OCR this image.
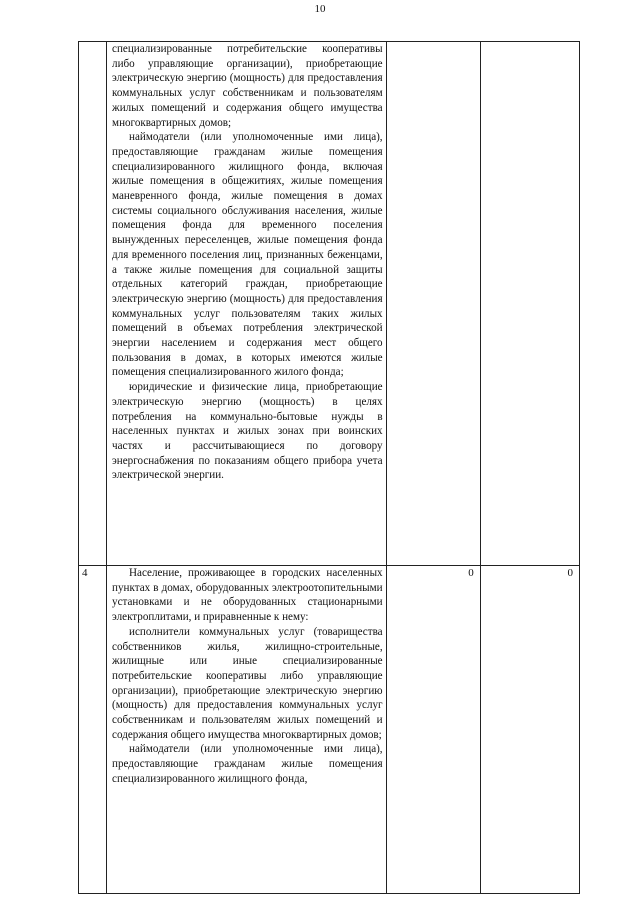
10

	специализированные потребительские кооперативы либо управляющие организации), приобретающие электрическую энергию (мощность) для предоставления коммунальных услуг собственникам и пользователям жилых помещений и содержания общего имущества многоквартирных домов;

наймодатели (или уполномоченные ими лица), предоставляющие гражданам жилые помещения специализированного жилищного фонда, включая жилые помещения в общежитиях, жилые помещения маневренного фонда, жилые помещения в домах системы социального обслуживания населения, жилые помещения фонда для временного поселения вынужденных переселенцев, жилые помещения фонда для временного поселения лиц, признанных беженцами, а также жилые помещения для социальной защиты отдельных категорий граждан, приобретающие электрическую энергию (мощность) для предоставления коммунальных услуг пользователям таких жилых помещений в объемах потребления электрической энергии населением и содержания мест общего пользования в домах, в которых имеются жилые помещения специализированного жилого фонда;

юридические и физические лица, приобретающие электрическую энергию (мощность) в целях потребления на коммунально-бытовые нужды в населенных пунктах и жилых зонах при воинских частях и рассчитывающиеся по договору энергоснабжения по показаниям общего прибора учета электрической энергии.		

4	Население, проживающее в городских населенных пунктах в домах, оборудованных электроотопительными установками и не оборудованных стационарными электроплитами, и приравненные к нему:

исполнители коммунальных услуг (товарищества собственников жилья, жилищно-строительные, жилищные или иные специализированные потребительские кооперативы либо управляющие организации), приобретающие электрическую энергию (мощность) для предоставления коммунальных услуг собственникам и пользователям жилых помещений и содержания общего имущества многоквартирных домов;

наймодатели (или уполномоченные ими лица), предоставляющие гражданам жилые помещения специализированного жилищного фонда,	0	0
